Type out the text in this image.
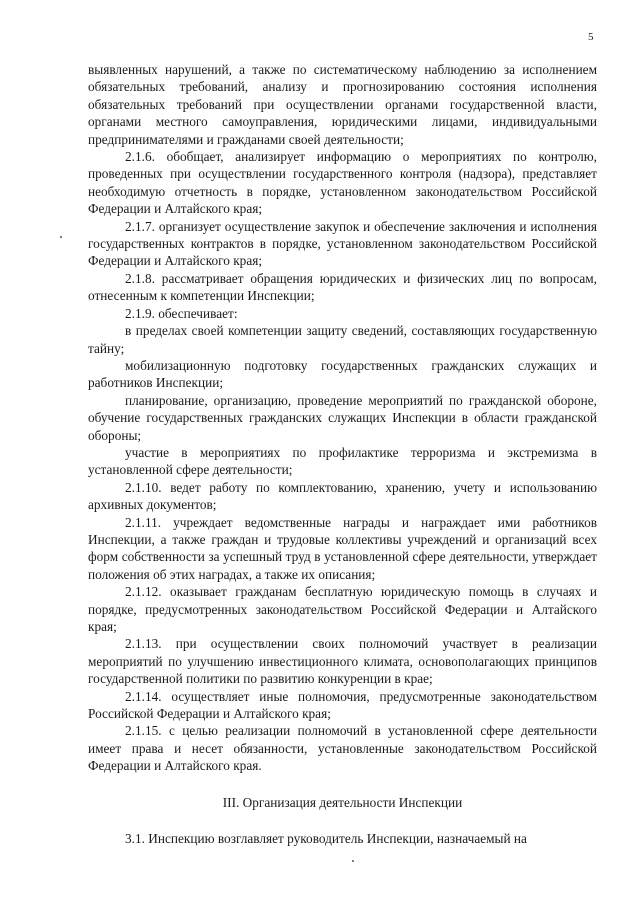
5

выявленных нарушений, а также по систематическому наблюдению за исполнением обязательных требований, анализу и прогнозированию состояния исполнения обязательных требований при осуществлении органами государственной власти, органами местного самоуправления, юридическими лицами, индивидуальными предпринимателями и гражданами своей деятельности;

2.1.6. обобщает, анализирует информацию о мероприятиях по контролю, проведенных при осуществлении государственного контроля (надзора), представляет необходимую отчетность в порядке, установленном законодательством Российской Федерации и Алтайского края;

2.1.7. организует осуществление закупок и обеспечение заключения и исполнения государственных контрактов в порядке, установленном законодательством Российской Федерации и Алтайского края;

2.1.8. рассматривает обращения юридических и физических лиц по вопросам, отнесенным к компетенции Инспекции;

2.1.9. обеспечивает:

в пределах своей компетенции защиту сведений, составляющих государственную тайну;

мобилизационную подготовку государственных гражданских служащих и работников Инспекции;

планирование, организацию, проведение мероприятий по гражданской обороне, обучение государственных гражданских служащих Инспекции в области гражданской обороны;

участие в мероприятиях по профилактике терроризма и экстремизма в установленной сфере деятельности;

2.1.10. ведет работу по комплектованию, хранению, учету и использованию архивных документов;

2.1.11. учреждает ведомственные награды и награждает ими работников Инспекции, а также граждан и трудовые коллективы учреждений и организаций всех форм собственности за успешный труд в установленной сфере деятельности, утверждает положения об этих наградах, а также их описания;

2.1.12. оказывает гражданам бесплатную юридическую помощь в случаях и порядке, предусмотренных законодательством Российской Федерации и Алтайского края;

2.1.13. при осуществлении своих полномочий участвует в реализации мероприятий по улучшению инвестиционного климата, основополагающих принципов государственной политики по развитию конкуренции в крае;

2.1.14. осуществляет иные полномочия, предусмотренные законодательством Российской Федерации и Алтайского края;

2.1.15. с целью реализации полномочий в установленной сфере деятельности имеет права и несет обязанности, установленные законодательством Российской Федерации и Алтайского края.

III. Организация деятельности Инспекции

3.1. Инспекцию возглавляет руководитель Инспекции, назначаемый на
